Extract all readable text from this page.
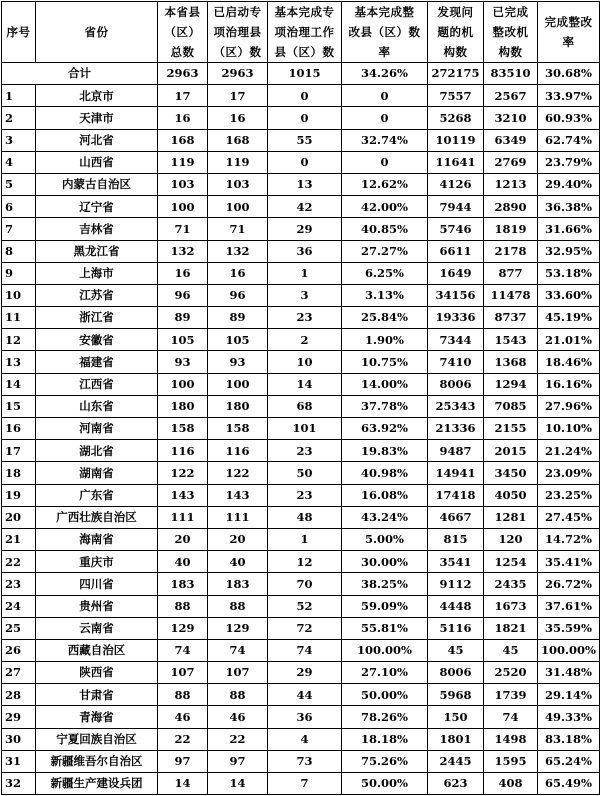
序号	省份	本省县
（区）
总数	已启动专
项治理县
（区）数	基本完成专
项治理工作
县（区）数	基本完成整
改县（区）数
率	发现问
题的机
构数	已完成
整改机
构数	完成整改
率

合计		2963	2963	1015	34.26%	272175	83510	30.68%
1	北京市	17	17	0	0	7557	2567	33.97%
2	天津市	16	16	0	0	5268	3210	60.93%
3	河北省	168	168	55	32.74%	10119	6349	62.74%
4	山西省	119	119	0	0	11641	2769	23.79%
5	内蒙古自治区	103	103	13	12.62%	4126	1213	29.40%
6	辽宁省	100	100	42	42.00%	7944	2890	36.38%
7	吉林省	71	71	29	40.85%	5746	1819	31.66%
8	黑龙江省	132	132	36	27.27%	6611	2178	32.95%
9	上海市	16	16	1	6.25%	1649	877	53.18%
10	江苏省	96	96	3	3.13%	34156	11478	33.60%
11	浙江省	89	89	23	25.84%	19336	8737	45.19%
12	安徽省	105	105	2	1.90%	7344	1543	21.01%
13	福建省	93	93	10	10.75%	7410	1368	18.46%
14	江西省	100	100	14	14.00%	8006	1294	16.16%
15	山东省	180	180	68	37.78%	25343	7085	27.96%
16	河南省	158	158	101	63.92%	21336	2155	10.10%
17	湖北省	116	116	23	19.83%	9487	2015	21.24%
18	湖南省	122	122	50	40.98%	14941	3450	23.09%
19	广东省	143	143	23	16.08%	17418	4050	23.25%
20	广西壮族自治区	111	111	48	43.24%	4667	1281	27.45%
21	海南省	20	20	1	5.00%	815	120	14.72%
22	重庆市	40	40	12	30.00%	3541	1254	35.41%
23	四川省	183	183	70	38.25%	9112	2435	26.72%
24	贵州省	88	88	52	59.09%	4448	1673	37.61%
25	云南省	129	129	72	55.81%	5116	1821	35.59%
26	西藏自治区	74	74	74	100.00%	45	45	100.00%
27	陕西省	107	107	29	27.10%	8006	2520	31.48%
28	甘肃省	88	88	44	50.00%	5968	1739	29.14%
29	青海省	46	46	36	78.26%	150	74	49.33%
30	宁夏回族自治区	22	22	4	18.18%	1801	1498	83.18%
31	新疆维吾尔自治区	97	97	73	75.26%	2445	1595	65.24%
32	新疆生产建设兵团	14	14	7	50.00%	623	408	65.49%
